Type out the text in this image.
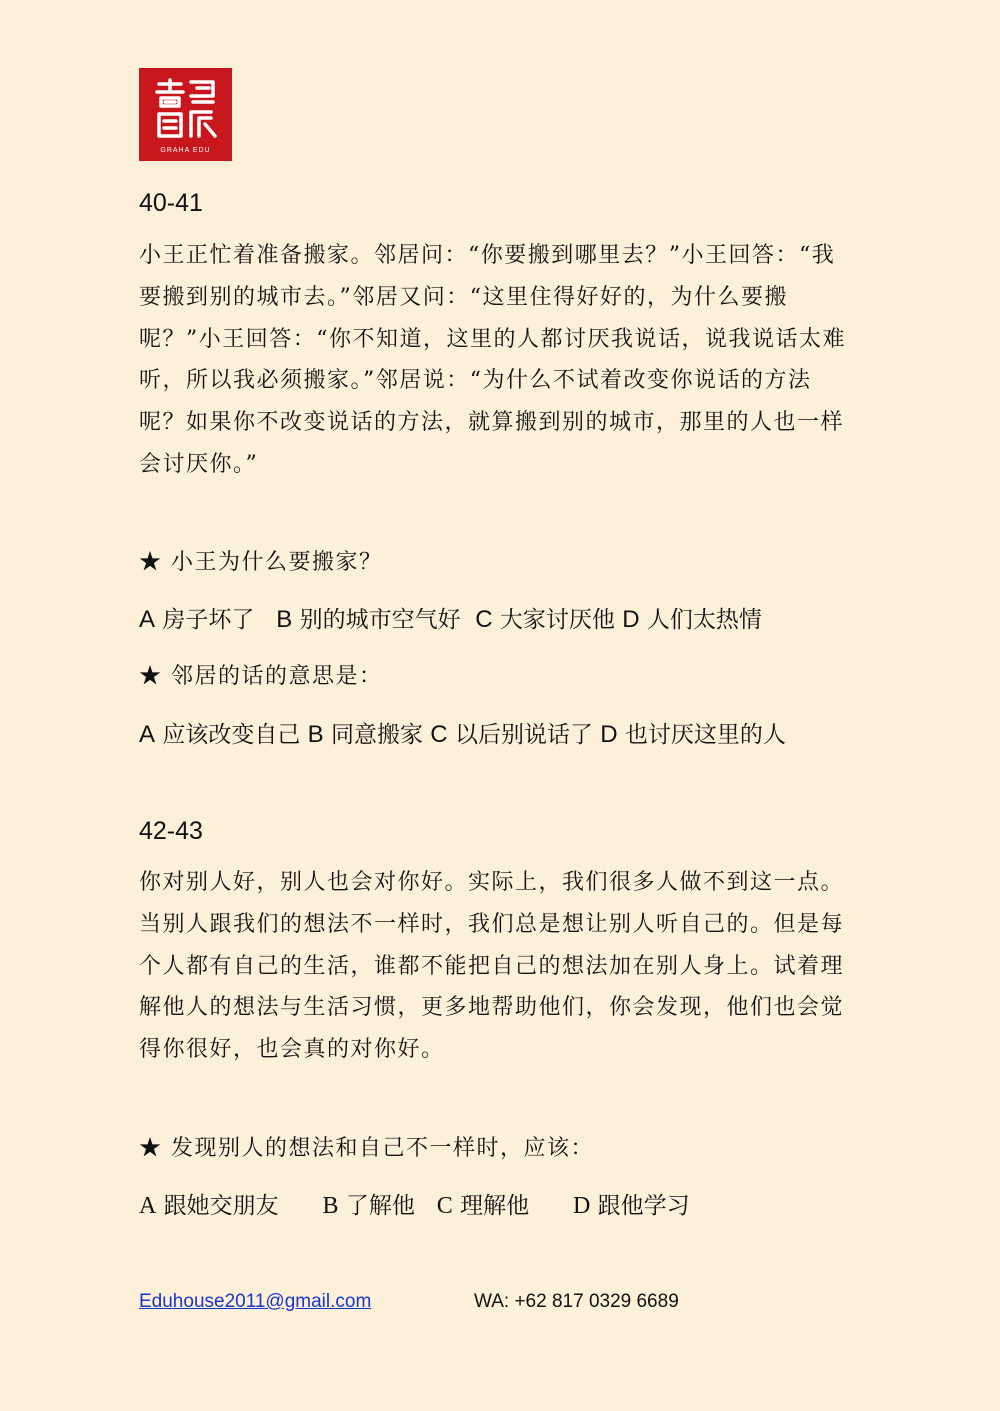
GRAHA EDU
40-41

小王正忙着准备搬家。邻居问：“你要搬到哪里去？”小王回答：“我要搬到别的城市去。”邻居又问：“这里住得好好的，为什么要搬呢？”小王回答：“你不知道，这里的人都讨厌我说话，说我说话太难听，所以我必须搬家。”邻居说：“为什么不试着改变你说话的方法呢？如果你不改变说话的方法，就算搬到别的城市，那里的人也一样会讨厌你。”

★ 小王为什么要搬家？
A 房子坏了 B 别的城市空气好 C 大家讨厌他 D 人们太热情
★ 邻居的话的意思是：
A 应该改变自己 B 同意搬家 C 以后别说话了 D 也讨厌这里的人
42-43

你对别人好，别人也会对你好。实际上，我们很多人做不到这一点。当别人跟我们的想法不一样时，我们总是想让别人听自己的。但是每个人都有自己的生活，谁都不能把自己的想法加在别人身上。试着理解他人的想法与生活习惯，更多地帮助他们，你会发现，他们也会觉得你很好，也会真的对你好。

★ 发现别人的想法和自己不一样时，应该：
A 跟她交朋友 B 了解他 C 理解他 D 跟他学习
Eduhouse2011@gmail.com	WA: +62 817 0329 6689
